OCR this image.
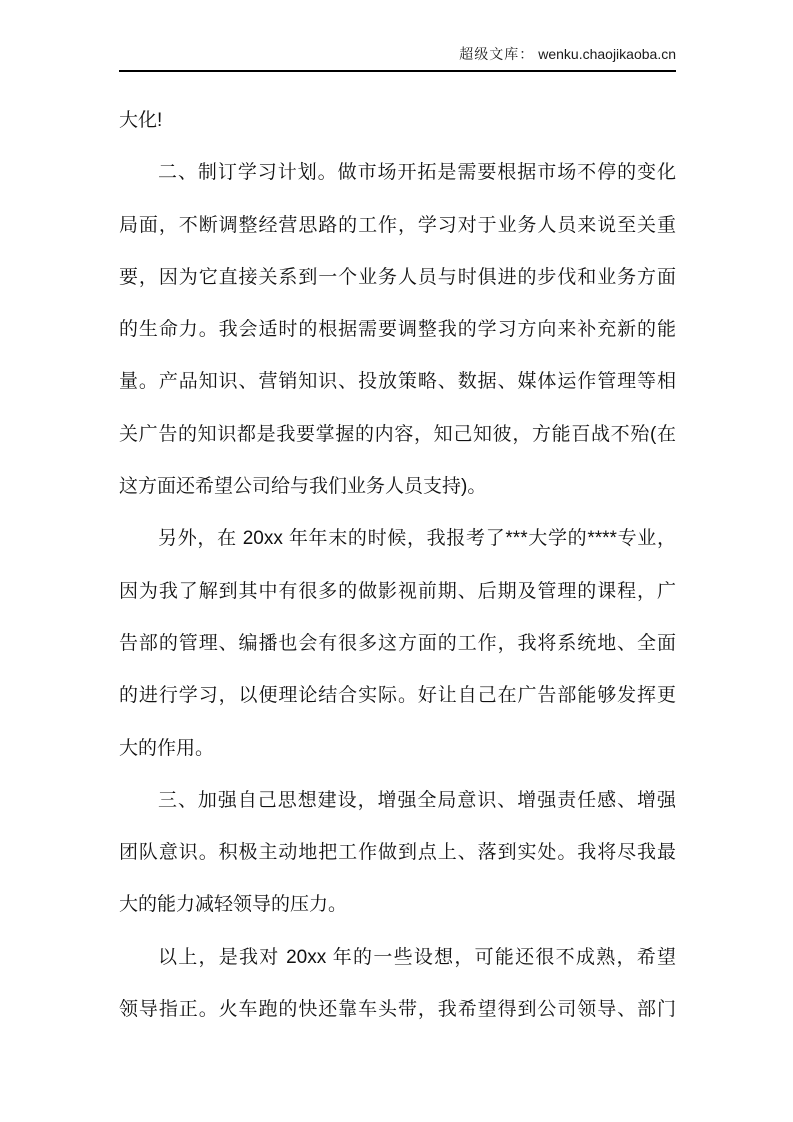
超级文库： wenku.chaojikaoba.cn
大化!
二、制订学习计划。做市场开拓是需要根据市场不停的变化
局面，不断调整经营思路的工作，学习对于业务人员来说至关重
要，因为它直接关系到一个业务人员与时俱进的步伐和业务方面
的生命力。我会适时的根据需要调整我的学习方向来补充新的能
量。产品知识、营销知识、投放策略、数据、媒体运作管理等相
关广告的知识都是我要掌握的内容，知己知彼，方能百战不殆(在
这方面还希望公司给与我们业务人员支持)。
另外，在 20xx 年年末的时候，我报考了***大学的****专业，
因为我了解到其中有很多的做影视前期、后期及管理的课程，广
告部的管理、编播也会有很多这方面的工作，我将系统地、全面
的进行学习，以便理论结合实际。好让自己在广告部能够发挥更
大的作用。
三、加强自己思想建设，增强全局意识、增强责任感、增强
团队意识。积极主动地把工作做到点上、落到实处。我将尽我最
大的能力减轻领导的压力。
以上，是我对 20xx 年的一些设想，可能还很不成熟，希望
领导指正。火车跑的快还靠车头带，我希望得到公司领导、部门
